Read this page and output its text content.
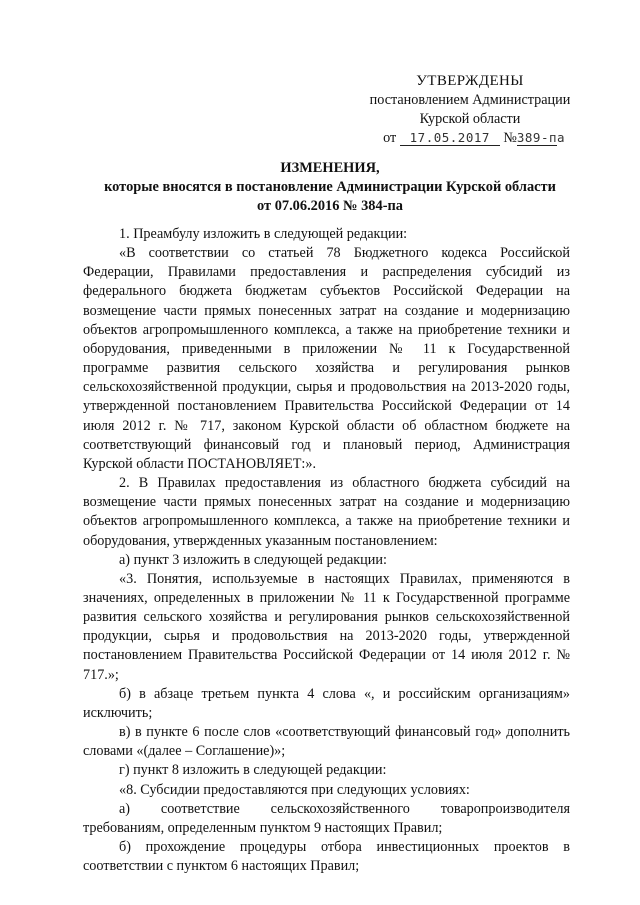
УТВЕРЖДЕНЫ
постановлением Администрации
Курской области
от 17.05.2017 №389-па
ИЗМЕНЕНИЯ,
которые вносятся в постановление Администрации Курской области
от 07.06.2016 № 384-па

1. Преамбулу изложить в следующей редакции:

«В соответствии со статьей 78 Бюджетного кодекса Российской Федерации, Правилами предоставления и распределения субсидий из федерального бюджета бюджетам субъектов Российской Федерации на возмещение части прямых понесенных затрат на создание и модернизацию объектов агропромышленного комплекса, а также на приобретение техники и оборудования, приведенными в приложении № 11 к Государственной программе развития сельского хозяйства и регулирования рынков сельскохозяйственной продукции, сырья и продовольствия на 2013-2020 годы, утвержденной постановлением Правительства Российской Федерации от 14 июля 2012 г. № 717, законом Курской области об областном бюджете на соответствующий финансовый год и плановый период, Администрация Курской области ПОСТАНОВЛЯЕТ:».

2. В Правилах предоставления из областного бюджета субсидий на возмещение части прямых понесенных затрат на создание и модернизацию объектов агропромышленного комплекса, а также на приобретение техники и оборудования, утвержденных указанным постановлением:

а) пункт 3 изложить в следующей редакции:

«3. Понятия, используемые в настоящих Правилах, применяются в значениях, определенных в приложении № 11 к Государственной программе развития сельского хозяйства и регулирования рынков сельскохозяйственной продукции, сырья и продовольствия на 2013-2020 годы, утвержденной постановлением Правительства Российской Федерации от 14 июля 2012 г. № 717.»;

б) в абзаце третьем пункта 4 слова «, и российским организациям» исключить;

в) в пункте 6 после слов «соответствующий финансовый год» дополнить словами «(далее – Соглашение)»;

г) пункт 8 изложить в следующей редакции:

«8. Субсидии предоставляются при следующих условиях:

а) соответствие сельскохозяйственного товаропроизводителя требованиям, определенным пунктом 9 настоящих Правил;

б) прохождение процедуры отбора инвестиционных проектов в соответствии с пунктом 6 настоящих Правил;
